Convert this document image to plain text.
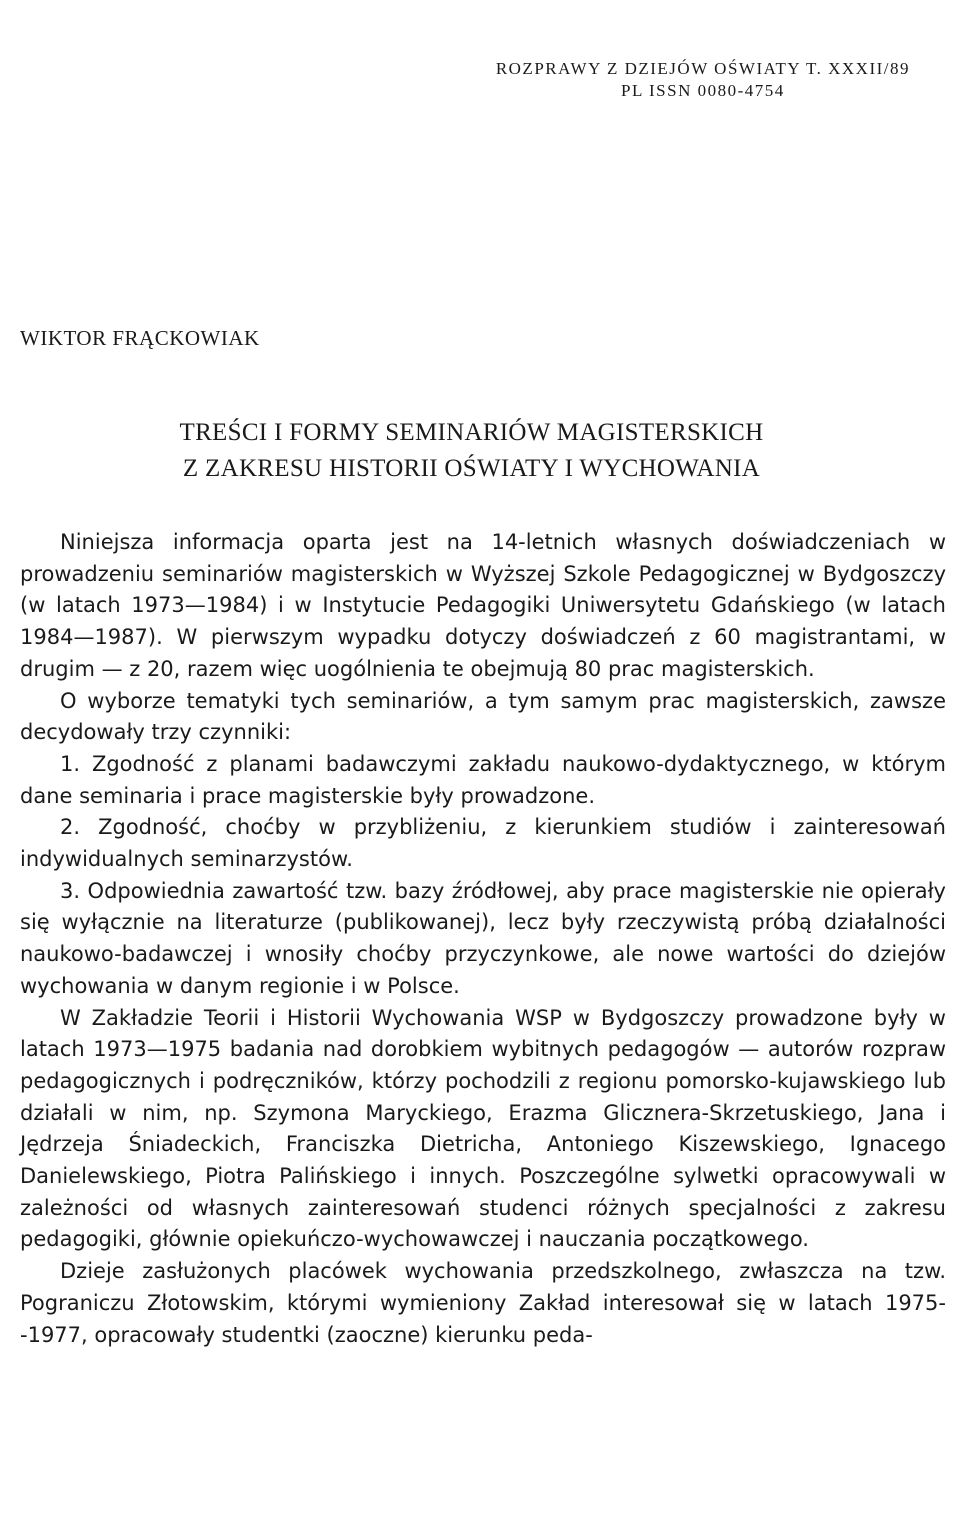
ROZPRAWY Z DZIEJÓW OŚWIATY T. XXXII/89
PL ISSN 0080-4754
WIKTOR FRĄCKOWIAK
TREŚCI I FORMY SEMINARIÓW MAGISTERSKICH
Z ZAKRESU HISTORII OŚWIATY I WYCHOWANIA

Niniejsza informacja oparta jest na 14-letnich własnych doświadczeniach w prowadzeniu seminariów magisterskich w Wyższej Szkole Pedagogicznej w Bydgoszczy (w latach 1973—1984) i w Instytucie Pedagogiki Uniwersytetu Gdańskiego (w latach 1984—1987). W pierwszym wypadku dotyczy doświadczeń z 60 magistrantami, w drugim — z 20, razem więc uogólnienia te obejmują 80 prac magisterskich.

O wyborze tematyki tych seminariów, a tym samym prac magisterskich, zawsze decydowały trzy czynniki:

1. Zgodność z planami badawczymi zakładu naukowo-dydaktycznego, w którym dane seminaria i prace magisterskie były prowadzone.

2. Zgodność, choćby w przybliżeniu, z kierunkiem studiów i zainteresowań indywidualnych seminarzystów.

3. Odpowiednia zawartość tzw. bazy źródłowej, aby prace magisterskie nie opierały się wyłącznie na literaturze (publikowanej), lecz były rzeczywistą próbą działalności naukowo-badawczej i wnosiły choćby przyczynkowe, ale nowe wartości do dziejów wychowania w danym regionie i w Polsce.

W Zakładzie Teorii i Historii Wychowania WSP w Bydgoszczy prowadzone były w latach 1973—1975 badania nad dorobkiem wybitnych pedagogów — autorów rozpraw pedagogicznych i podręczników, którzy pochodzili z regionu pomorsko-kujawskiego lub działali w nim, np. Szymona Maryckiego, Erazma Glicznera-Skrzetuskiego, Jana i Jędrzeja Śniadeckich, Franciszka Dietricha, Antoniego Kiszewskiego, Ignacego Danielewskiego, Piotra Palińskiego i innych. Poszczególne sylwetki opracowywali w zależności od własnych zainteresowań studenci różnych specjalności z zakresu pedagogiki, głównie opiekuńczo-wychowawczej i nauczania początkowego.

Dzieje zasłużonych placówek wychowania przedszkolnego, zwłaszcza na tzw. Pograniczu Złotowskim, którymi wymieniony Zakład interesował się w latach 1975--1977, opracowały studentki (zaoczne) kierunku peda-
